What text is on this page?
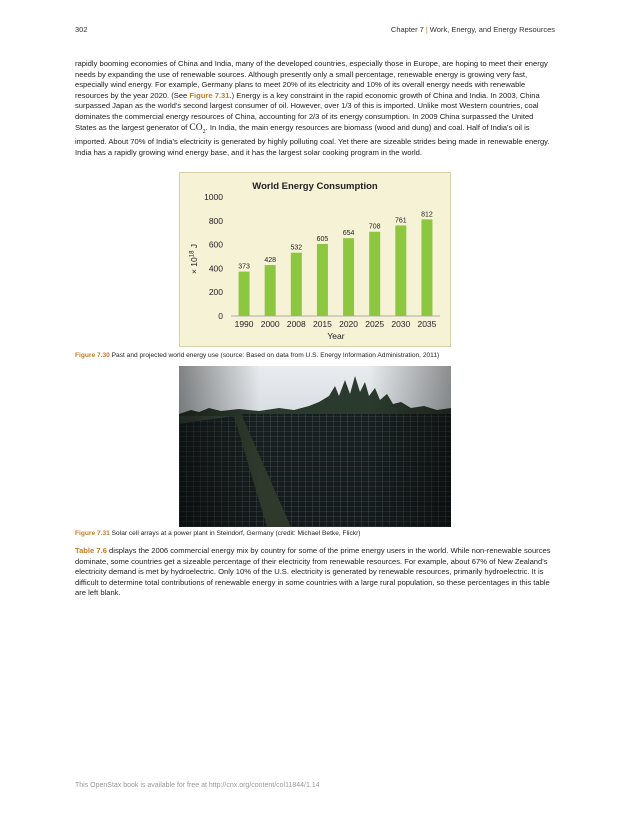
302	Chapter 7 | Work, Energy, and Energy Resources

rapidly booming economies of China and India, many of the developed countries, especially those in Europe, are hoping to meet their energy needs by expanding the use of renewable sources. Although presently only a small percentage, renewable energy is growing very fast, especially wind energy. For example, Germany plans to meet 20% of its electricity and 10% of its overall energy needs with renewable resources by the year 2020. (See Figure 7.31.) Energy is a key constraint in the rapid economic growth of China and India. In 2003, China surpassed Japan as the world's second largest consumer of oil. However, over 1/3 of this is imported. Unlike most Western countries, coal dominates the commercial energy resources of China, accounting for 2/3 of its energy consumption. In 2009 China surpassed the United States as the largest generator of $CO_2$. In India, the main energy resources are biomass (wood and dung) and coal. Half of India's oil is imported. About 70% of India's electricity is generated by highly polluting coal. Yet there are sizeable strides being made in renewable energy. India has a rapidly growing wind energy base, and it has the largest solar cooking program in the world.

World Energy Consumption
0
200
400
600
800
1000
373
428
532
605
654
708
761
812
1990 2000 2008 2015 2020 2025 2030 2035
Year
× $10^{18}$ J

Figure 7.30 Past and projected world energy use (source: Based on data from U.S. Energy Information Administration, 2011)

Figure 7.31 Solar cell arrays at a power plant in Steindorf, Germany (credit: Michael Betke, Flickr)

Table 7.6 displays the 2006 commercial energy mix by country for some of the prime energy users in the world. While non-renewable sources dominate, some countries get a sizeable percentage of their electricity from renewable resources. For example, about 67% of New Zealand's electricity demand is met by hydroelectric. Only 10% of the U.S. electricity is generated by renewable resources, primarily hydroelectric. It is difficult to determine total contributions of renewable energy in some countries with a large rural population, so these percentages in this table are left blank.

This OpenStax book is available for free at http://cnx.org/content/col11844/1.14
